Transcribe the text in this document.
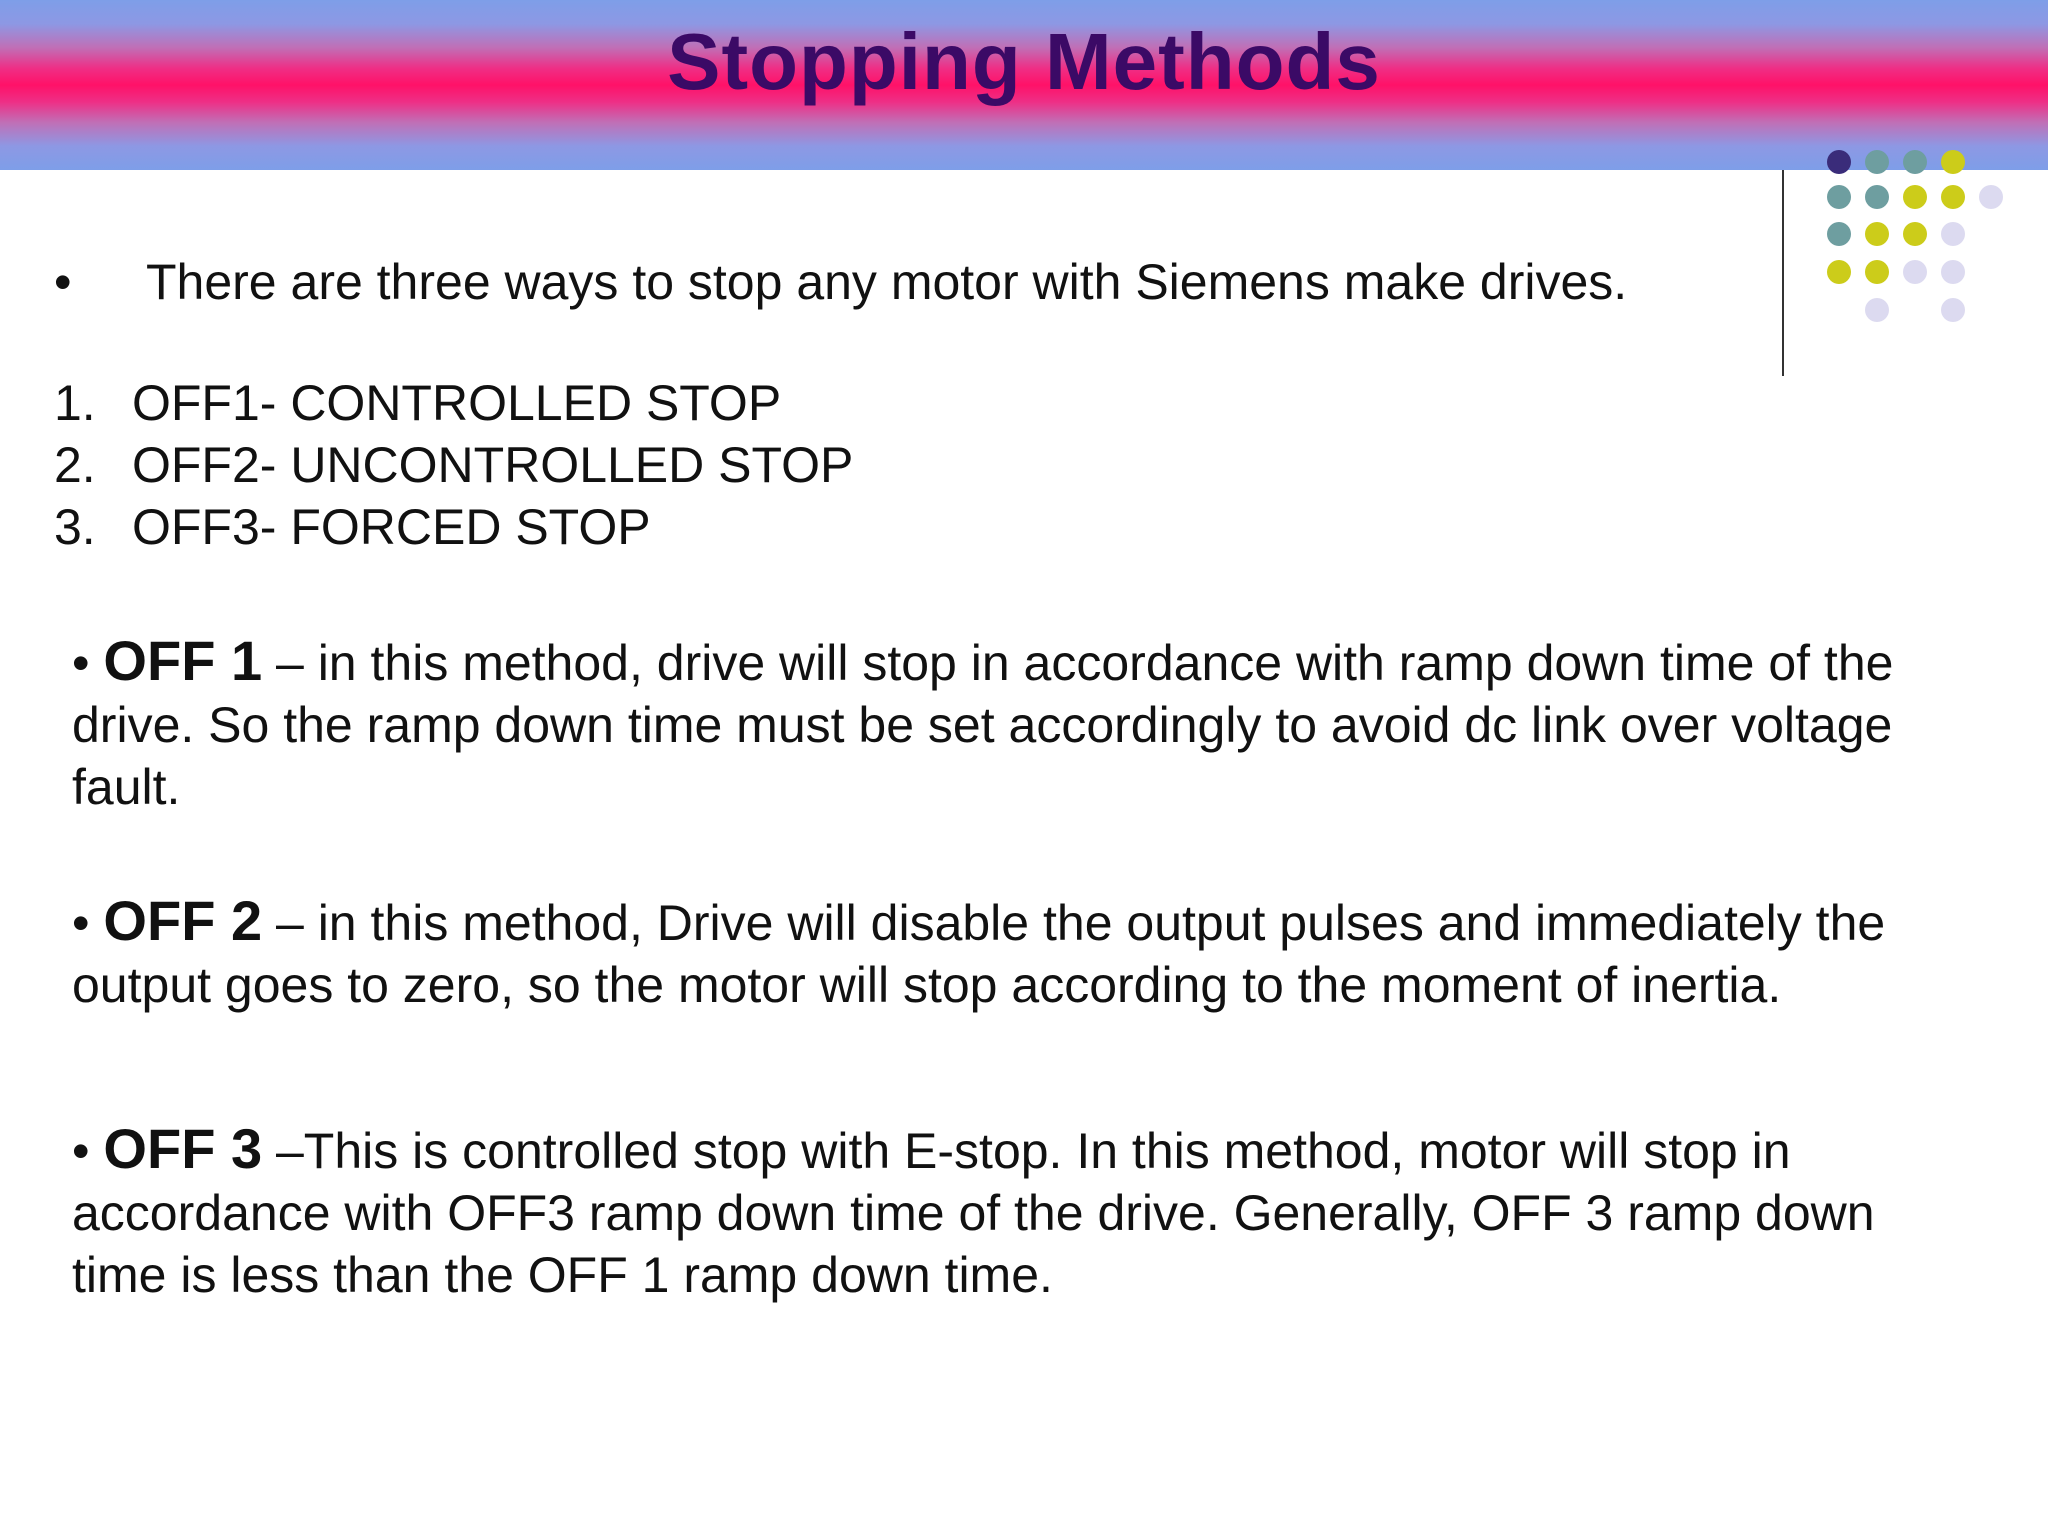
Stopping Methods
• There are three ways to stop any motor with Siemens make drives.
1. OFF1- CONTROLLED STOP
2. OFF2- UNCONTROLLED STOP
3. OFF3- FORCED STOP
• OFF 1 – in this method, drive will stop in accordance with ramp down time of the drive. So the ramp down time must be set accordingly to avoid dc link over voltage fault.
• OFF 2 – in this method, Drive will disable the output pulses and immediately the output goes to zero, so the motor will stop according to the moment of inertia.
• OFF 3 –This is controlled stop with E-stop. In this method, motor will stop in accordance with OFF3 ramp down time of the drive. Generally, OFF 3 ramp down time is less than the OFF 1 ramp down time.
